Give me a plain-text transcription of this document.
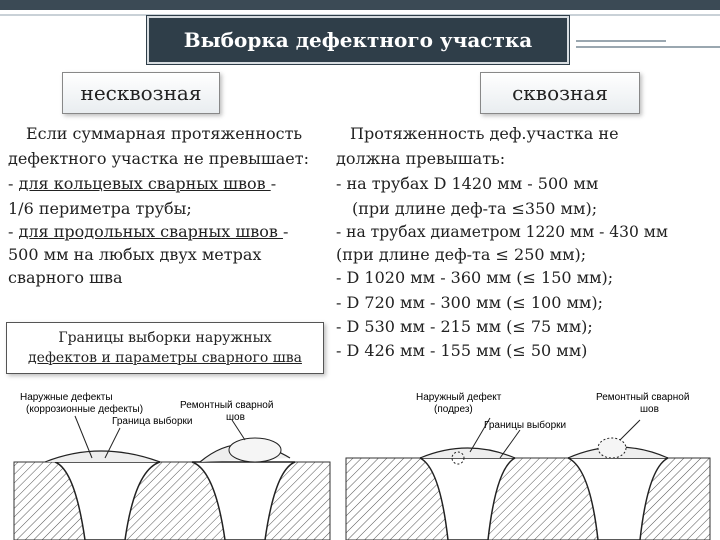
Выборка дефектного участка
несквозная	сквозная
Если суммарная протяженность
дефектного участка не превышает:
- для кольцевых сварных швов -
1/6 периметра трубы;
- для продольных сварных швов -
500 мм на любых двух метрах
сварного шва
Протяженность деф.участка не
должна превышать:
- на трубах D 1420 мм - 500 мм
(при длине деф-та ≤350 мм);
- на трубах диаметром 1220 мм - 430 мм
(при длине деф-та ≤ 250 мм);
- D 1020 мм - 360 мм (≤ 150 мм);
- D 720 мм - 300 мм (≤ 100 мм);
- D 530 мм - 215 мм (≤ 75 мм);
- D 426 мм - 155 мм (≤ 50 мм)
Границы выборки наружных
дефектов и параметры сварного шва
Наружные дефекты
(коррозионные дефекты)
Граница выборки
Ремонтный сварной
шов
Наружный дефект
(подрез)
Границы выборки
Ремонтный сварной
шов
